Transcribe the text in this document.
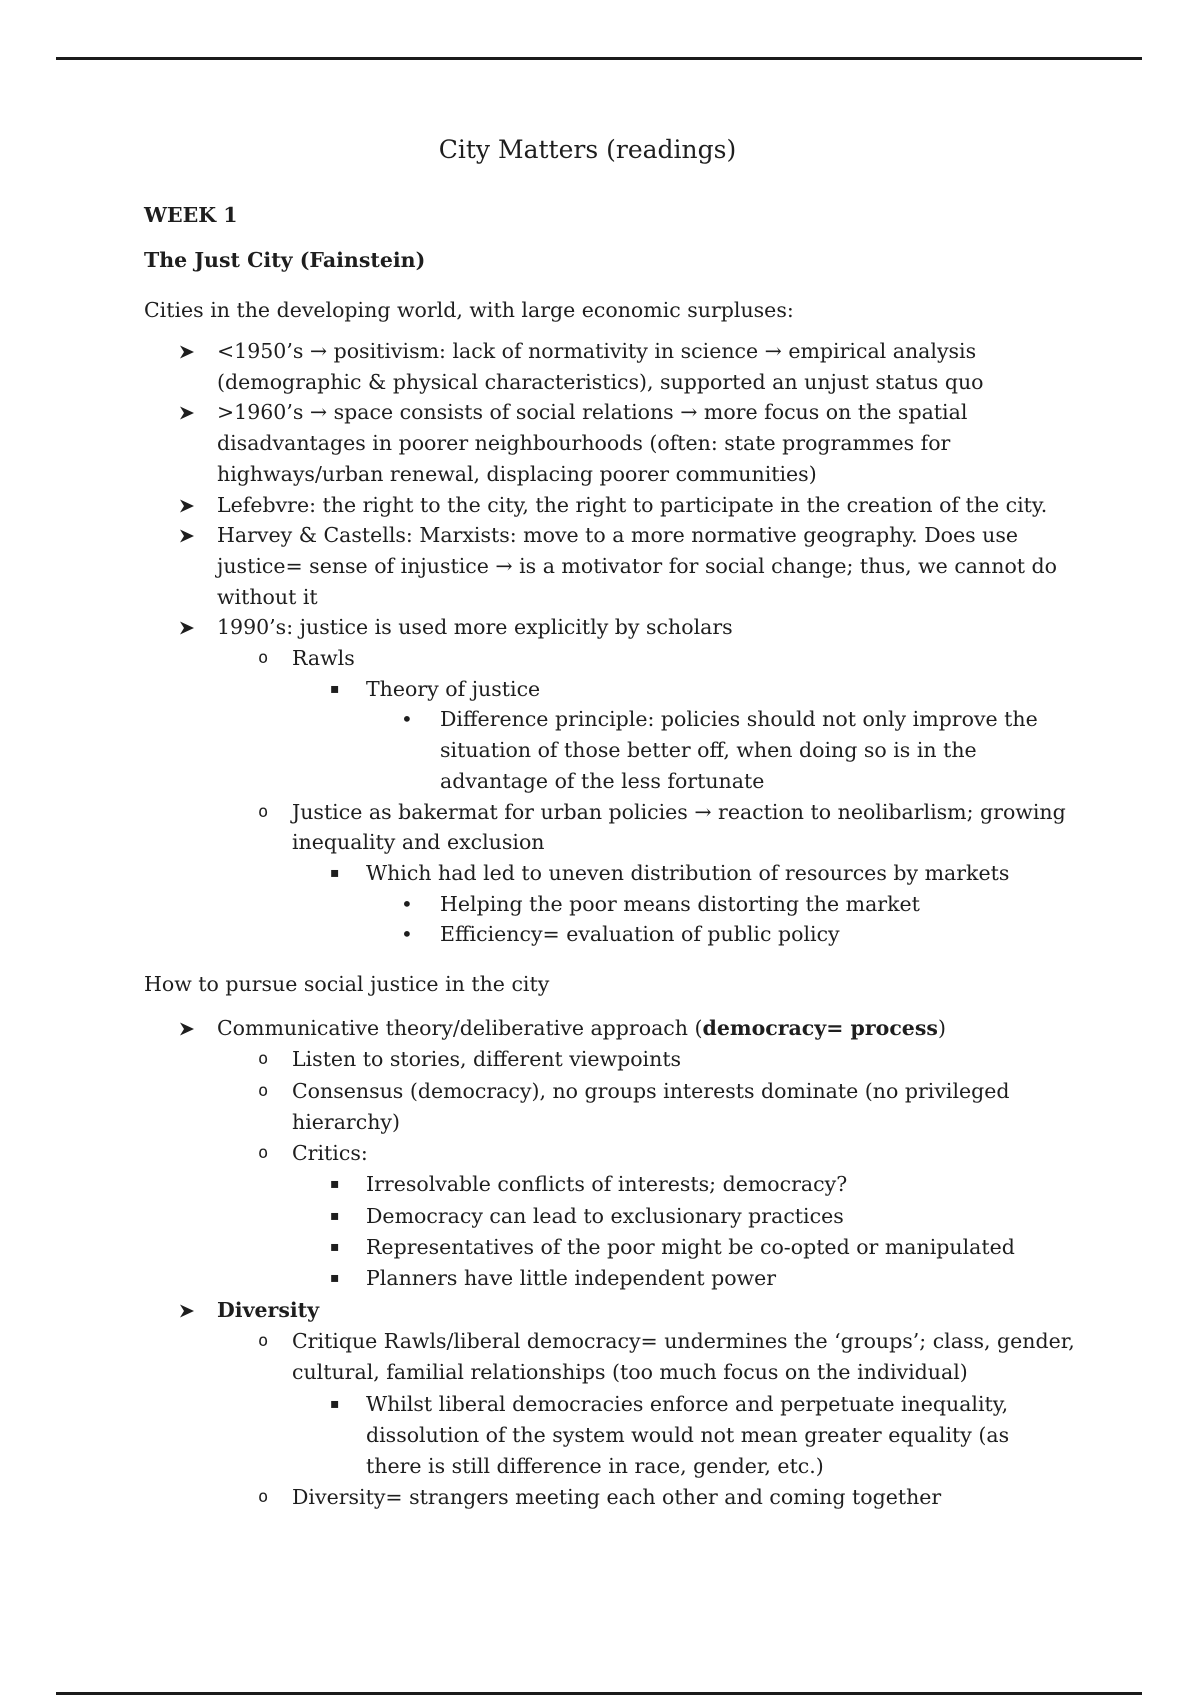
City Matters (readings)
WEEK 1
The Just City (Fainstein)
Cities in the developing world, with large economic surpluses:
<1950’s → positivism: lack of normativity in science → empirical analysis
(demographic & physical characteristics), supported an unjust status quo
>1960’s → space consists of social relations → more focus on the spatial
disadvantages in poorer neighbourhoods (often: state programmes for
highways/urban renewal, displacing poorer communities)
Lefebvre: the right to the city, the right to participate in the creation of the city.
Harvey & Castells: Marxists: move to a more normative geography. Does use
justice= sense of injustice → is a motivator for social change; thus, we cannot do
without it
1990’s: justice is used more explicitly by scholars
o Rawls
▪ Theory of justice
• Difference principle: policies should not only improve the
situation of those better off, when doing so is in the
advantage of the less fortunate
o Justice as bakermat for urban policies → reaction to neolibarlism; growing
inequality and exclusion
▪ Which had led to uneven distribution of resources by markets
• Helping the poor means distorting the market
• Efficiency= evaluation of public policy
How to pursue social justice in the city
Communicative theory/deliberative approach (democracy= process)
o Listen to stories, different viewpoints
o Consensus (democracy), no groups interests dominate (no privileged
hierarchy)
o Critics:
▪ Irresolvable conflicts of interests; democracy?
▪ Democracy can lead to exclusionary practices
▪ Representatives of the poor might be co-opted or manipulated
▪ Planners have little independent power
Diversity
o Critique Rawls/liberal democracy= undermines the ‘groups’; class, gender,
cultural, familial relationships (too much focus on the individual)
▪ Whilst liberal democracies enforce and perpetuate inequality,
dissolution of the system would not mean greater equality (as
there is still difference in race, gender, etc.)
o Diversity= strangers meeting each other and coming together
